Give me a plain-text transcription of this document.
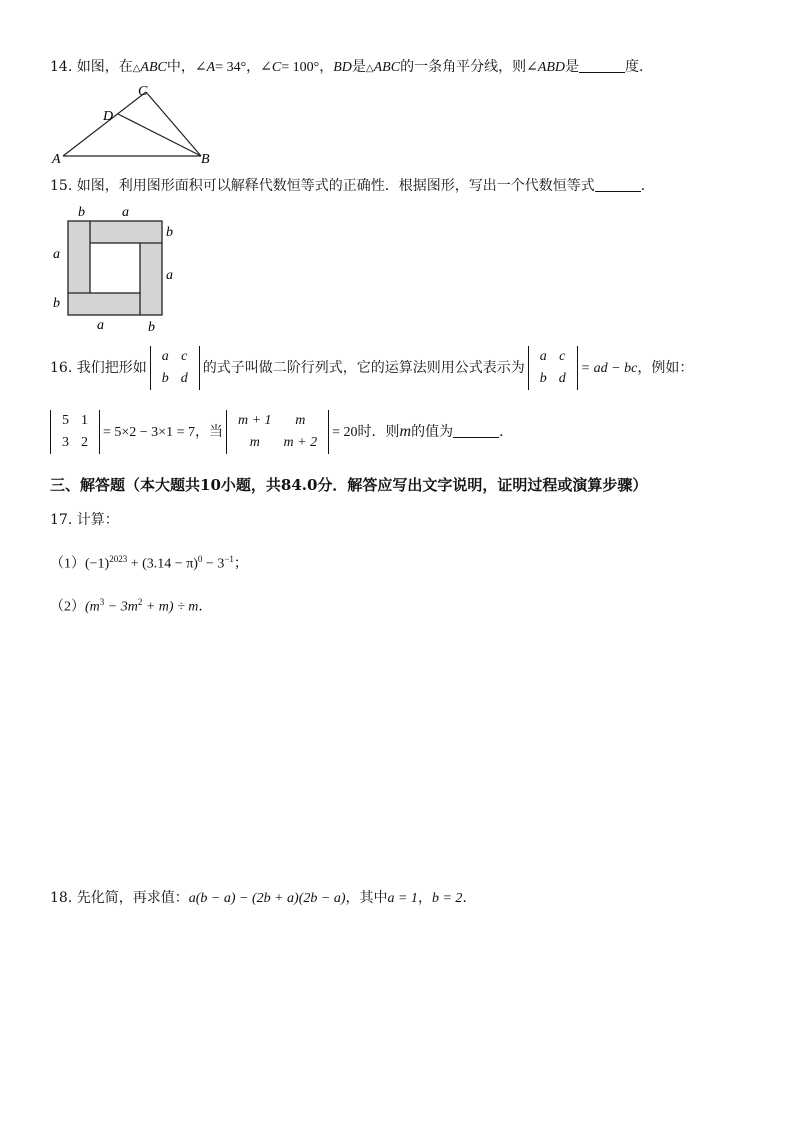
14. 如图，在△ABC中，∠A= 34°，∠C= 100°，BD是△ABC的一条角平分线，则∠ABD是	度.
A	B
C
D
15. 如图，利用图形面积可以解释代数恒等式的正确性．根据图形，写出一个代数恒等式	．
b	a
b
a
a
b
a	b
16. 我们把形如
a	c
b	d
的式子叫做二阶行列式，它的运算法则用公式表示为
a	c
b	d
= ad − bc，例如：
5	1
3	2
= 5×2 − 3×1 = 7，当
m + 1	m
m	m + 2
= 20时．则m的值为	．
三、解答题（本大题共10小题，共84.0分．解答应写出文字说明，证明过程或演算步骤）
17. 计算：
$(1)(-1)^{2023} + (3.14 - \pi)^0 - 3^{-1}$；
$(2)(m^3 - 3m^2 + m) \div m$．
18. 先化简，再求值：a(b − a) − (2b + a)(2b − a)，其中a = 1，b = 2.
